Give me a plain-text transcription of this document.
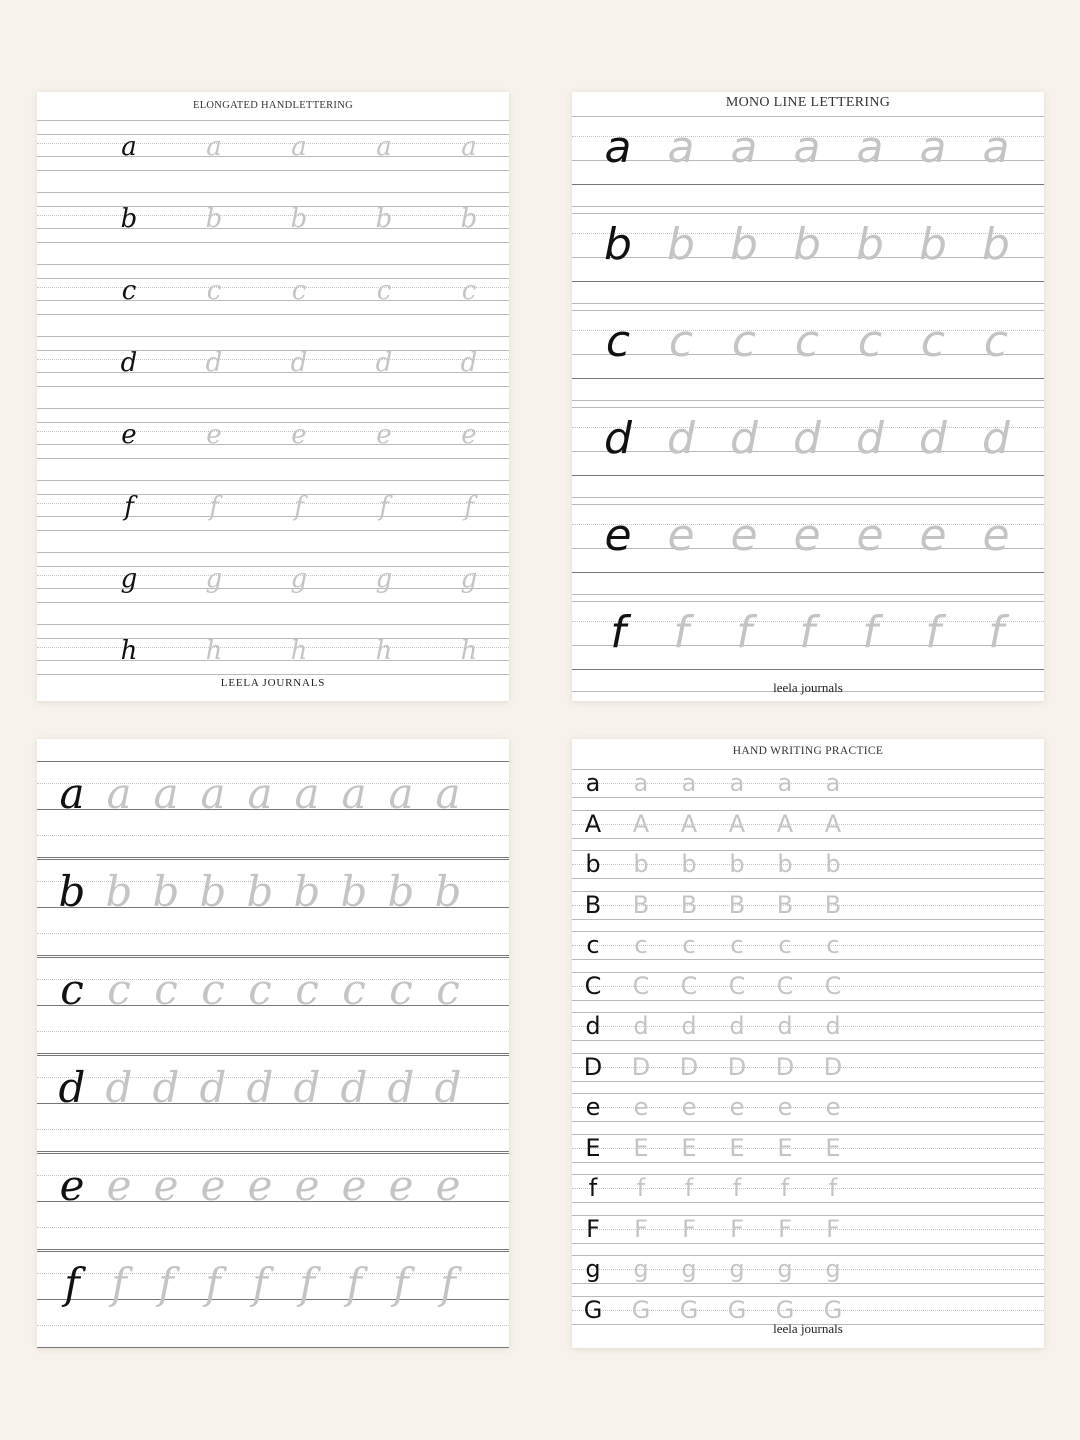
ELONGATED HANDLETTERING
a	a	a	a	a
b	b	b	b	b
c	c	c	c	c
d	d	d	d	d
e	e	e	e	e
f	f	f	f	f
g	g	g	g	g
h	h	h	h	h
LEELA JOURNALS
MONO LINE LETTERING
a a a a a a a
b b b b b b b
c c c c c c c
d d d d d d d
e e e e e e e
f f f f f f f
leela journals
a a a a a a a a a
b b b b b b b b b
c c c c c c c c c
d d d d d d d d d
e e e e e e e e e
f f f f f f f f f
HAND WRITING PRACTICE
a a a a a a
A A A A A A
b b b b b b
B B B B B B
c c c c c c
C C C C C C
d d d d d d
D D D D D D
e e e e e e
E E E E E E
f f f f f f
F F F F F F
g g g g g g
G G G G G G
leela journals
